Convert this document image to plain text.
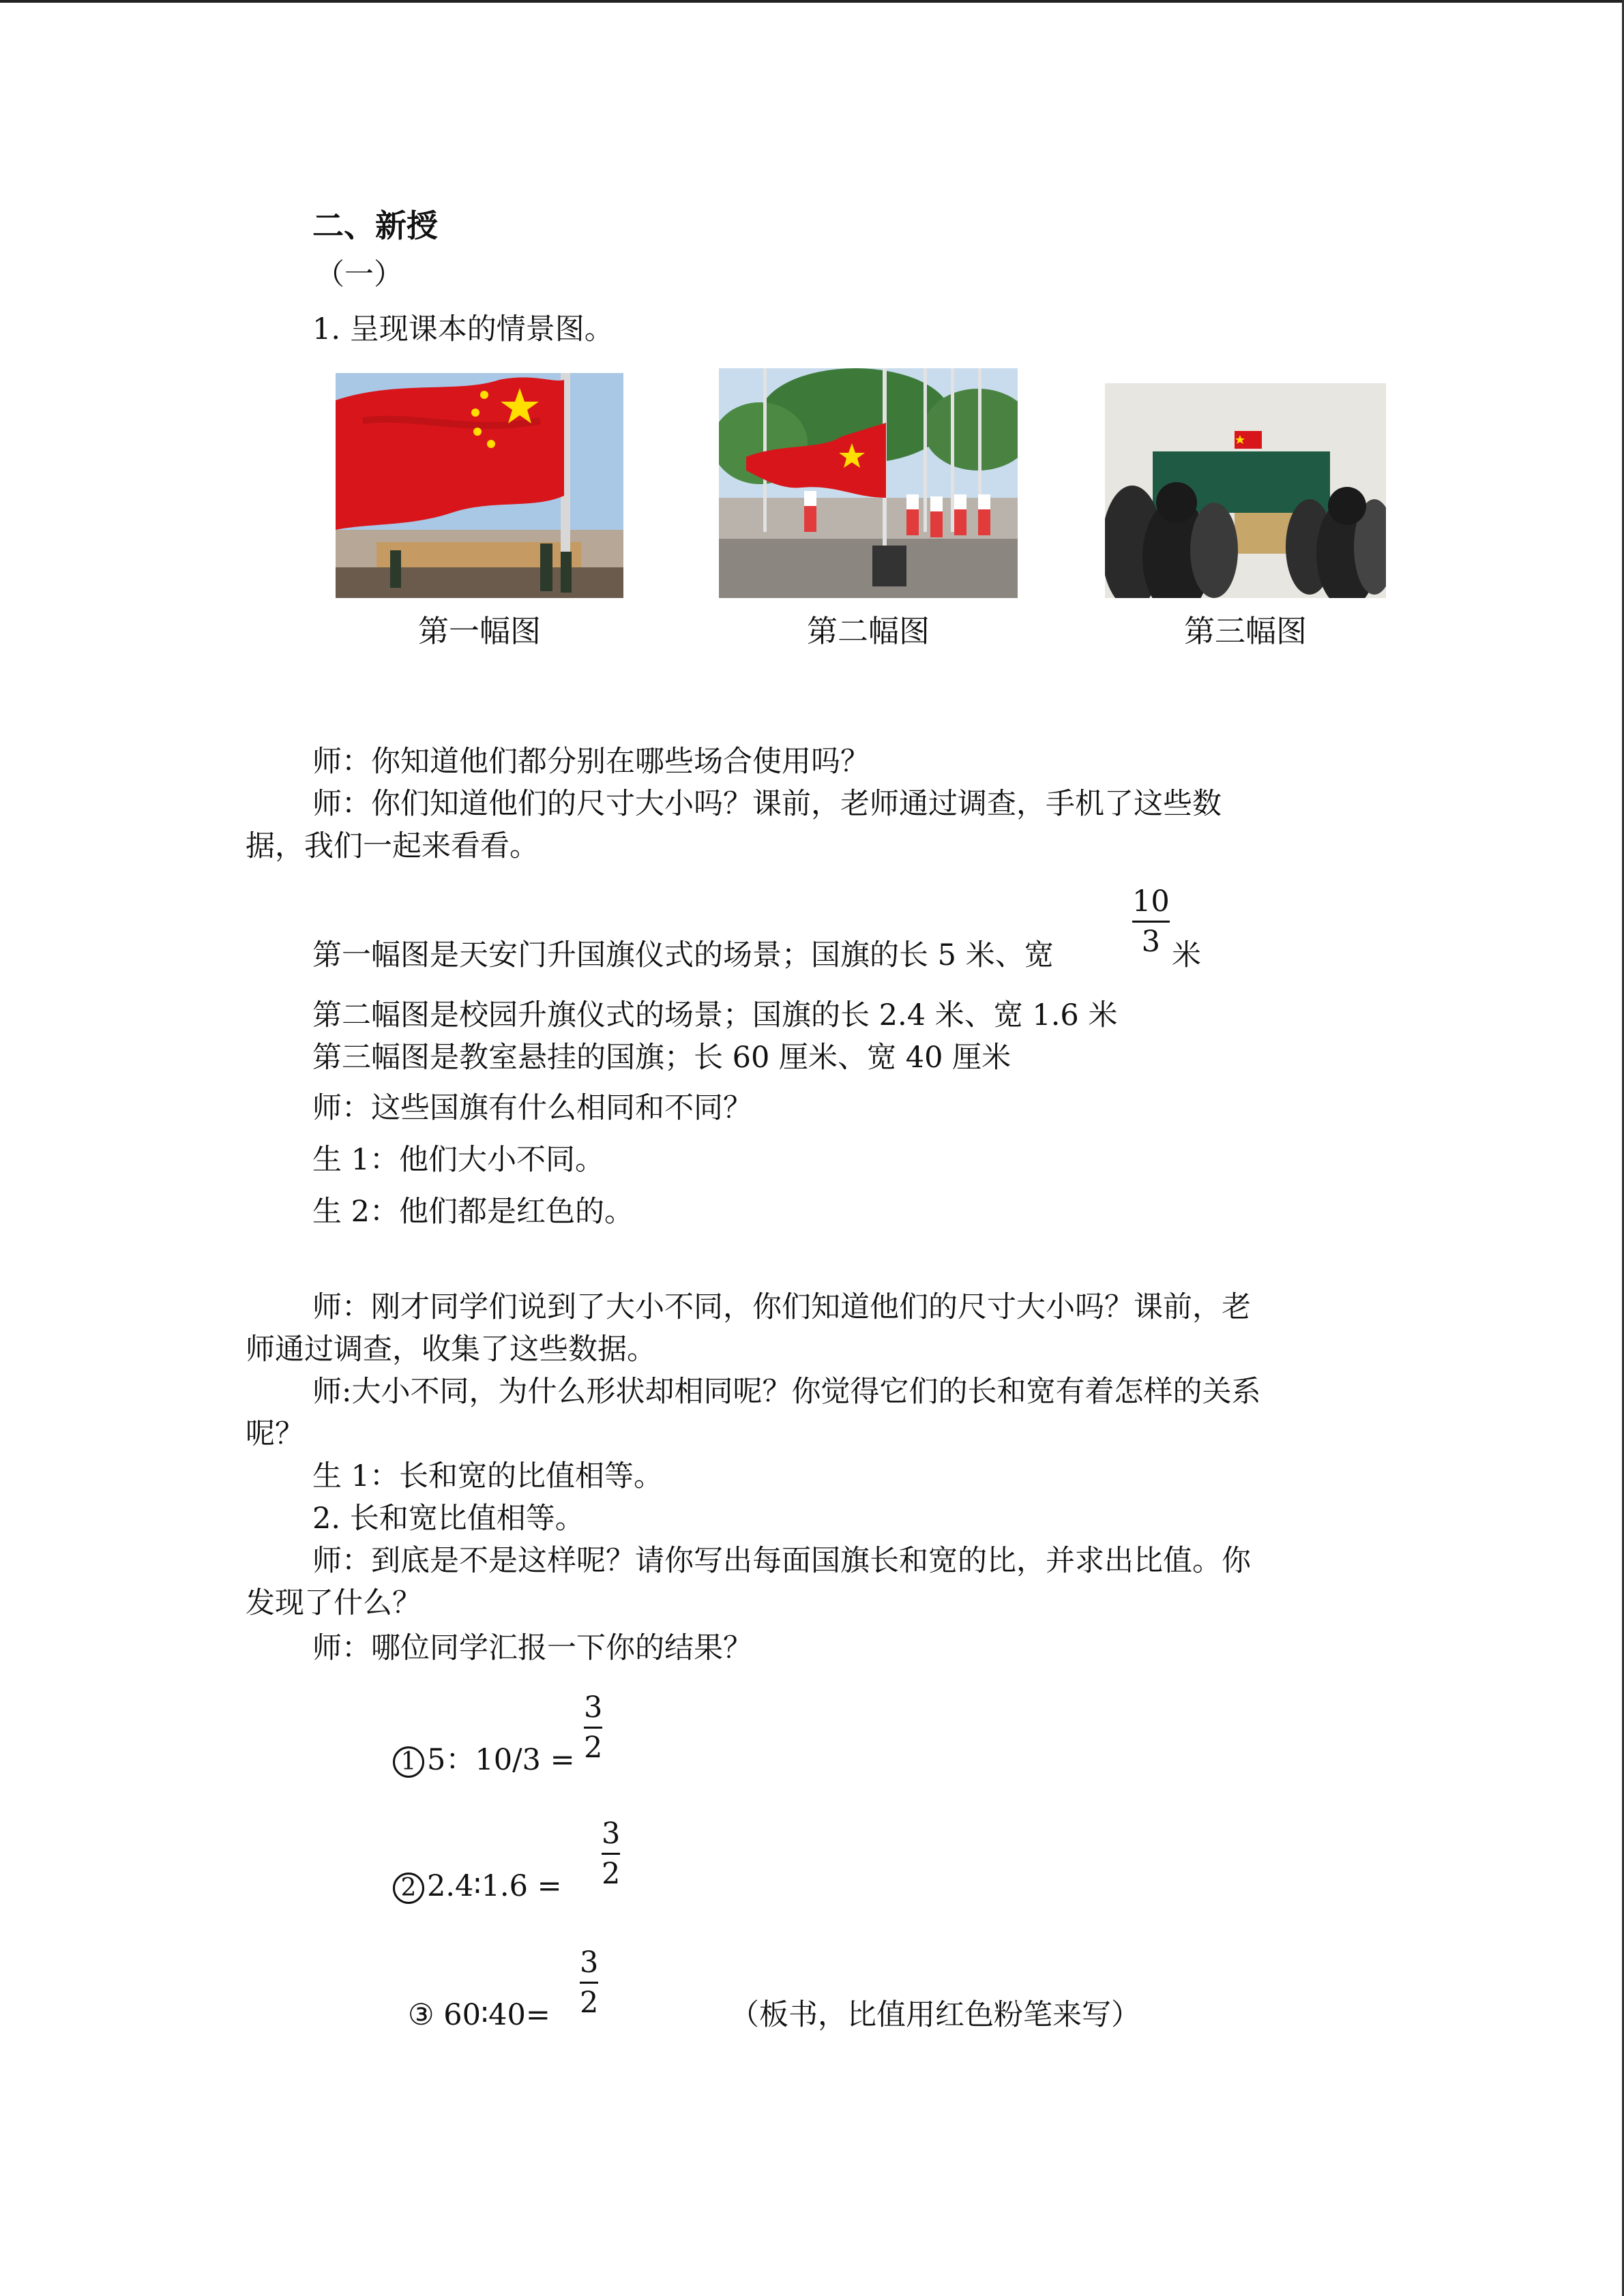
二、新授
（一）
1. 呈现课本的情景图。
第一幅图	第二幅图	第三幅图
师：你知道他们都分别在哪些场合使用吗？
师：你们知道他们的尺寸大小吗？课前，老师通过调查，手机了这些数
据，我们一起来看看。
第一幅图是天安门升国旗仪式的场景；国旗的长 5 米、宽
10
3 米
第二幅图是校园升旗仪式的场景；国旗的长 2.4 米、宽 1.6 米
第三幅图是教室悬挂的国旗；长 60 厘米、宽 40 厘米
师：这些国旗有什么相同和不同？
生 1：他们大小不同。
生 2：他们都是红色的。
师：刚才同学们说到了大小不同，你们知道他们的尺寸大小吗？课前，老
师通过调查，收集了这些数据。
师:大小不同，为什么形状却相同呢？你觉得它们的长和宽有着怎样的关系
呢？
生 1：长和宽的比值相等。
2. 长和宽比值相等。
师：到底是不是这样呢？请你写出每面国旗长和宽的比，并求出比值。你
发现了什么？
师：哪位同学汇报一下你的结果？
1 5：10/3 =
3
2
2 2.4∶1.6 =
3
2
③ 60∶40=
3
2	（板书，比值用红色粉笔来写）
